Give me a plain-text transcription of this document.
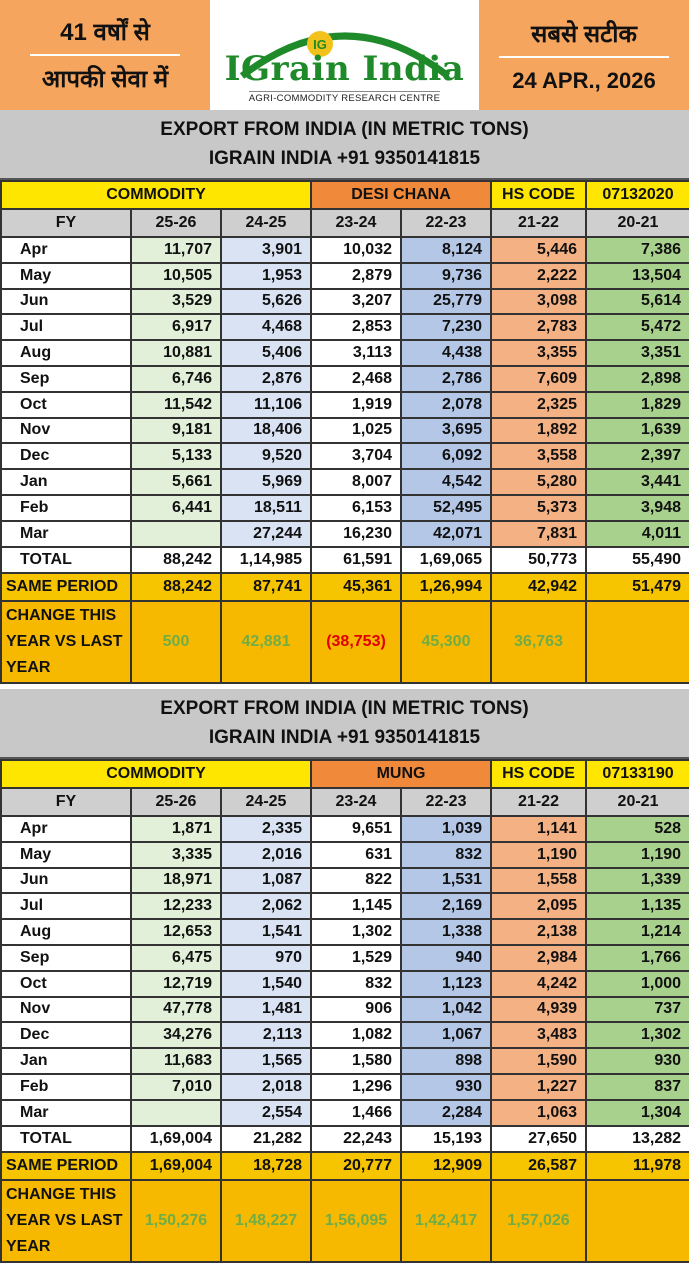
41 वर्षों से
आपकी सेवा में
IG
IGrain India
AGRI-COMMODITY RESEARCH CENTRE
सबसे सटीक
24 APR., 2026
EXPORT FROM INDIA (IN METRIC TONS)
IGRAIN INDIA +91 9350141815
COMMODITY			DESI CHANA		HS CODE	07132020
FY	25-26	24-25	23-24	22-23	21-22	20-21
Apr	11,707	3,901	10,032	8,124	5,446	7,386
May	10,505	1,953	2,879	9,736	2,222	13,504
Jun	3,529	5,626	3,207	25,779	3,098	5,614
Jul	6,917	4,468	2,853	7,230	2,783	5,472
Aug	10,881	5,406	3,113	4,438	3,355	3,351
Sep	6,746	2,876	2,468	2,786	7,609	2,898
Oct	11,542	11,106	1,919	2,078	2,325	1,829
Nov	9,181	18,406	1,025	3,695	1,892	1,639
Dec	5,133	9,520	3,704	6,092	3,558	2,397
Jan	5,661	5,969	8,007	4,542	5,280	3,441
Feb	6,441	18,511	6,153	52,495	5,373	3,948
Mar		27,244	16,230	42,071	7,831	4,011
TOTAL	88,242	1,14,985	61,591	1,69,065	50,773	55,490
SAME PERIOD	88,242	87,741	45,361	1,26,994	42,942	51,479
CHANGE THIS YEAR VS LAST YEAR	500	42,881	(38,753)	45,300	36,763	
EXPORT FROM INDIA (IN METRIC TONS)
IGRAIN INDIA +91 9350141815
COMMODITY			MUNG		HS CODE	07133190
FY	25-26	24-25	23-24	22-23	21-22	20-21
Apr	1,871	2,335	9,651	1,039	1,141	528
May	3,335	2,016	631	832	1,190	1,190
Jun	18,971	1,087	822	1,531	1,558	1,339
Jul	12,233	2,062	1,145	2,169	2,095	1,135
Aug	12,653	1,541	1,302	1,338	2,138	1,214
Sep	6,475	970	1,529	940	2,984	1,766
Oct	12,719	1,540	832	1,123	4,242	1,000
Nov	47,778	1,481	906	1,042	4,939	737
Dec	34,276	2,113	1,082	1,067	3,483	1,302
Jan	11,683	1,565	1,580	898	1,590	930
Feb	7,010	2,018	1,296	930	1,227	837
Mar		2,554	1,466	2,284	1,063	1,304
TOTAL	1,69,004	21,282	22,243	15,193	27,650	13,282
SAME PERIOD	1,69,004	18,728	20,777	12,909	26,587	11,978
CHANGE THIS YEAR VS LAST YEAR	1,50,276	1,48,227	1,56,095	1,42,417	1,57,026	
